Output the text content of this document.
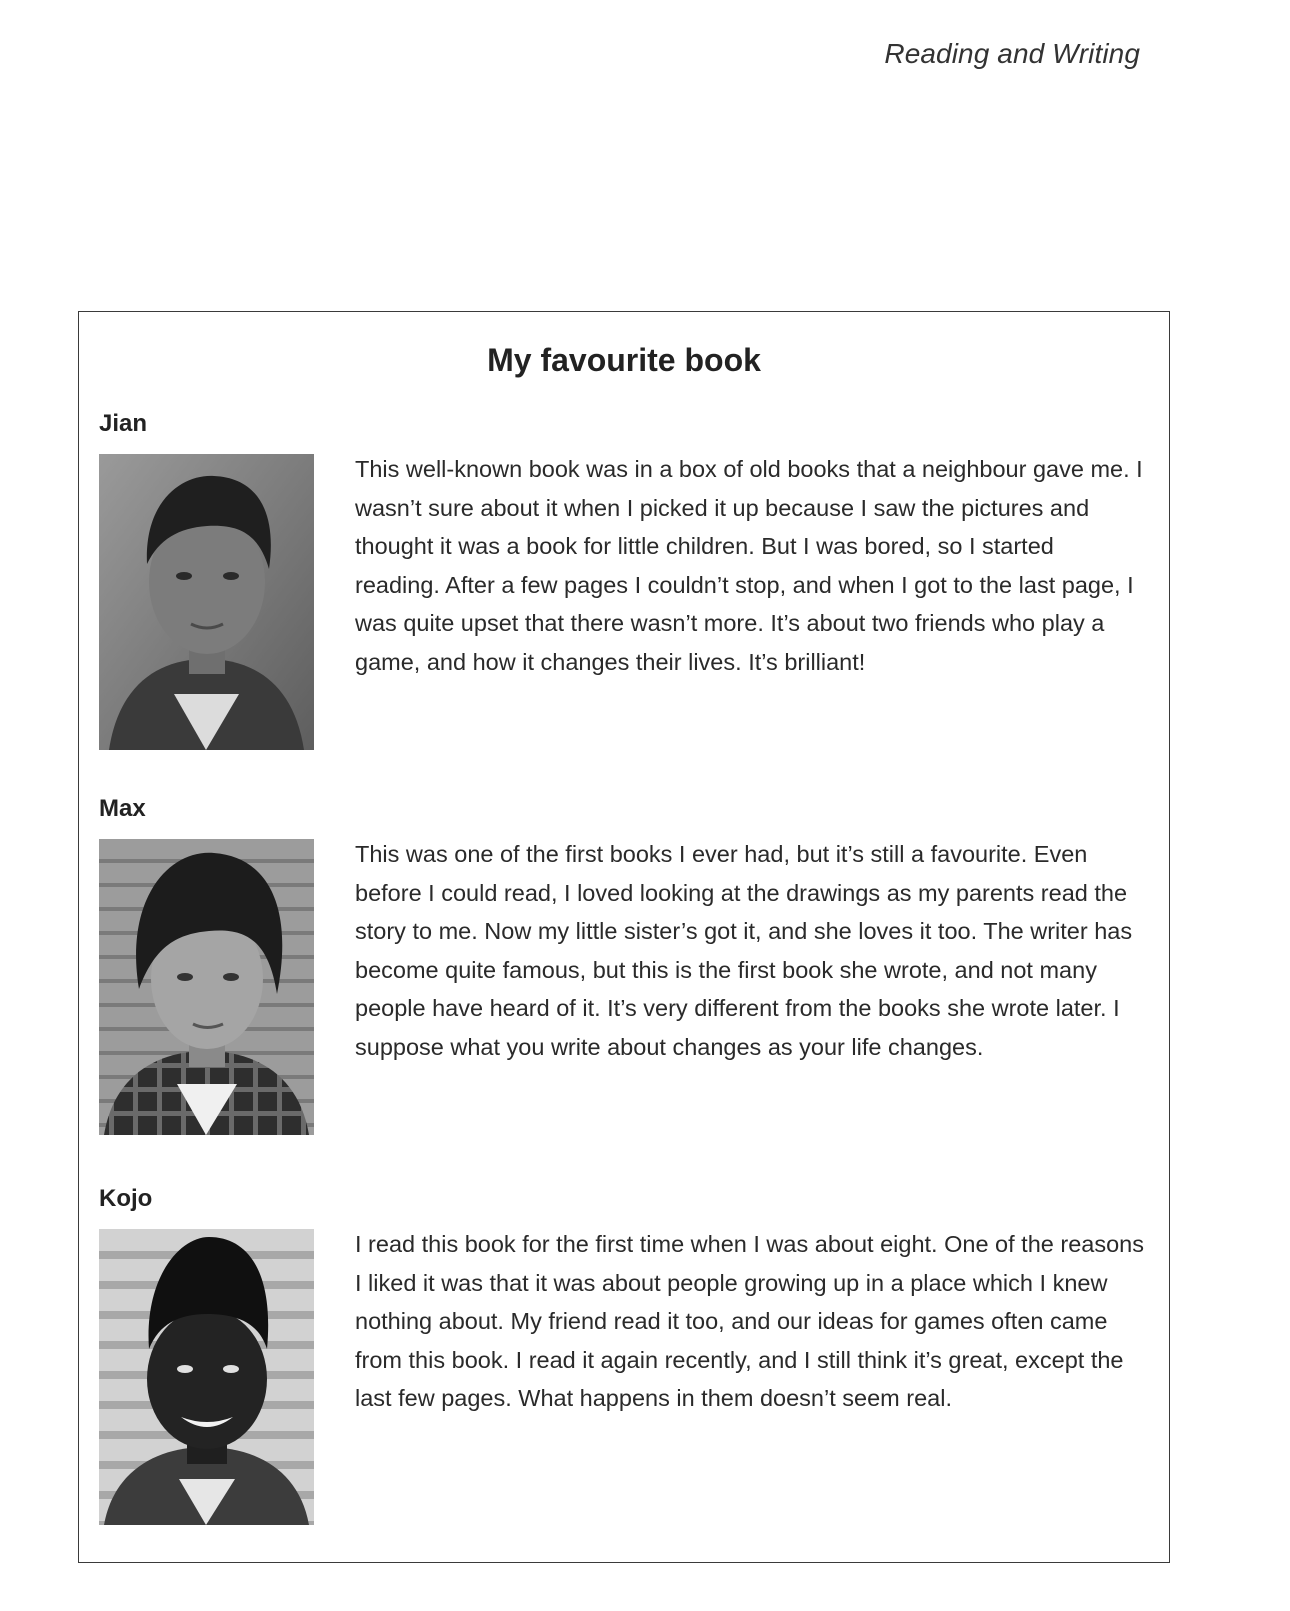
Reading and Writing
My favourite book
Jian

This well-known book was in a box of old books that a neighbour gave me. I wasn’t sure about it when I picked it up because I saw the pictures and thought it was a book for little children. But I was bored, so I started reading. After a few pages I couldn’t stop, and when I got to the last page, I was quite upset that there wasn’t more. It’s about two friends who play a game, and how it changes their lives. It’s brilliant!

Max

This was one of the first books I ever had, but it’s still a favourite. Even before I could read, I loved looking at the drawings as my parents read the story to me. Now my little sister’s got it, and she loves it too. The writer has become quite famous, but this is the first book she wrote, and not many people have heard of it. It’s very different from the books she wrote later. I suppose what you write about changes as your life changes.

Kojo

I read this book for the first time when I was about eight. One of the reasons I liked it was that it was about people growing up in a place which I knew nothing about. My friend read it too, and our ideas for games often came from this book. I read it again recently, and I still think it’s great, except the last few pages. What happens in them doesn’t seem real.
